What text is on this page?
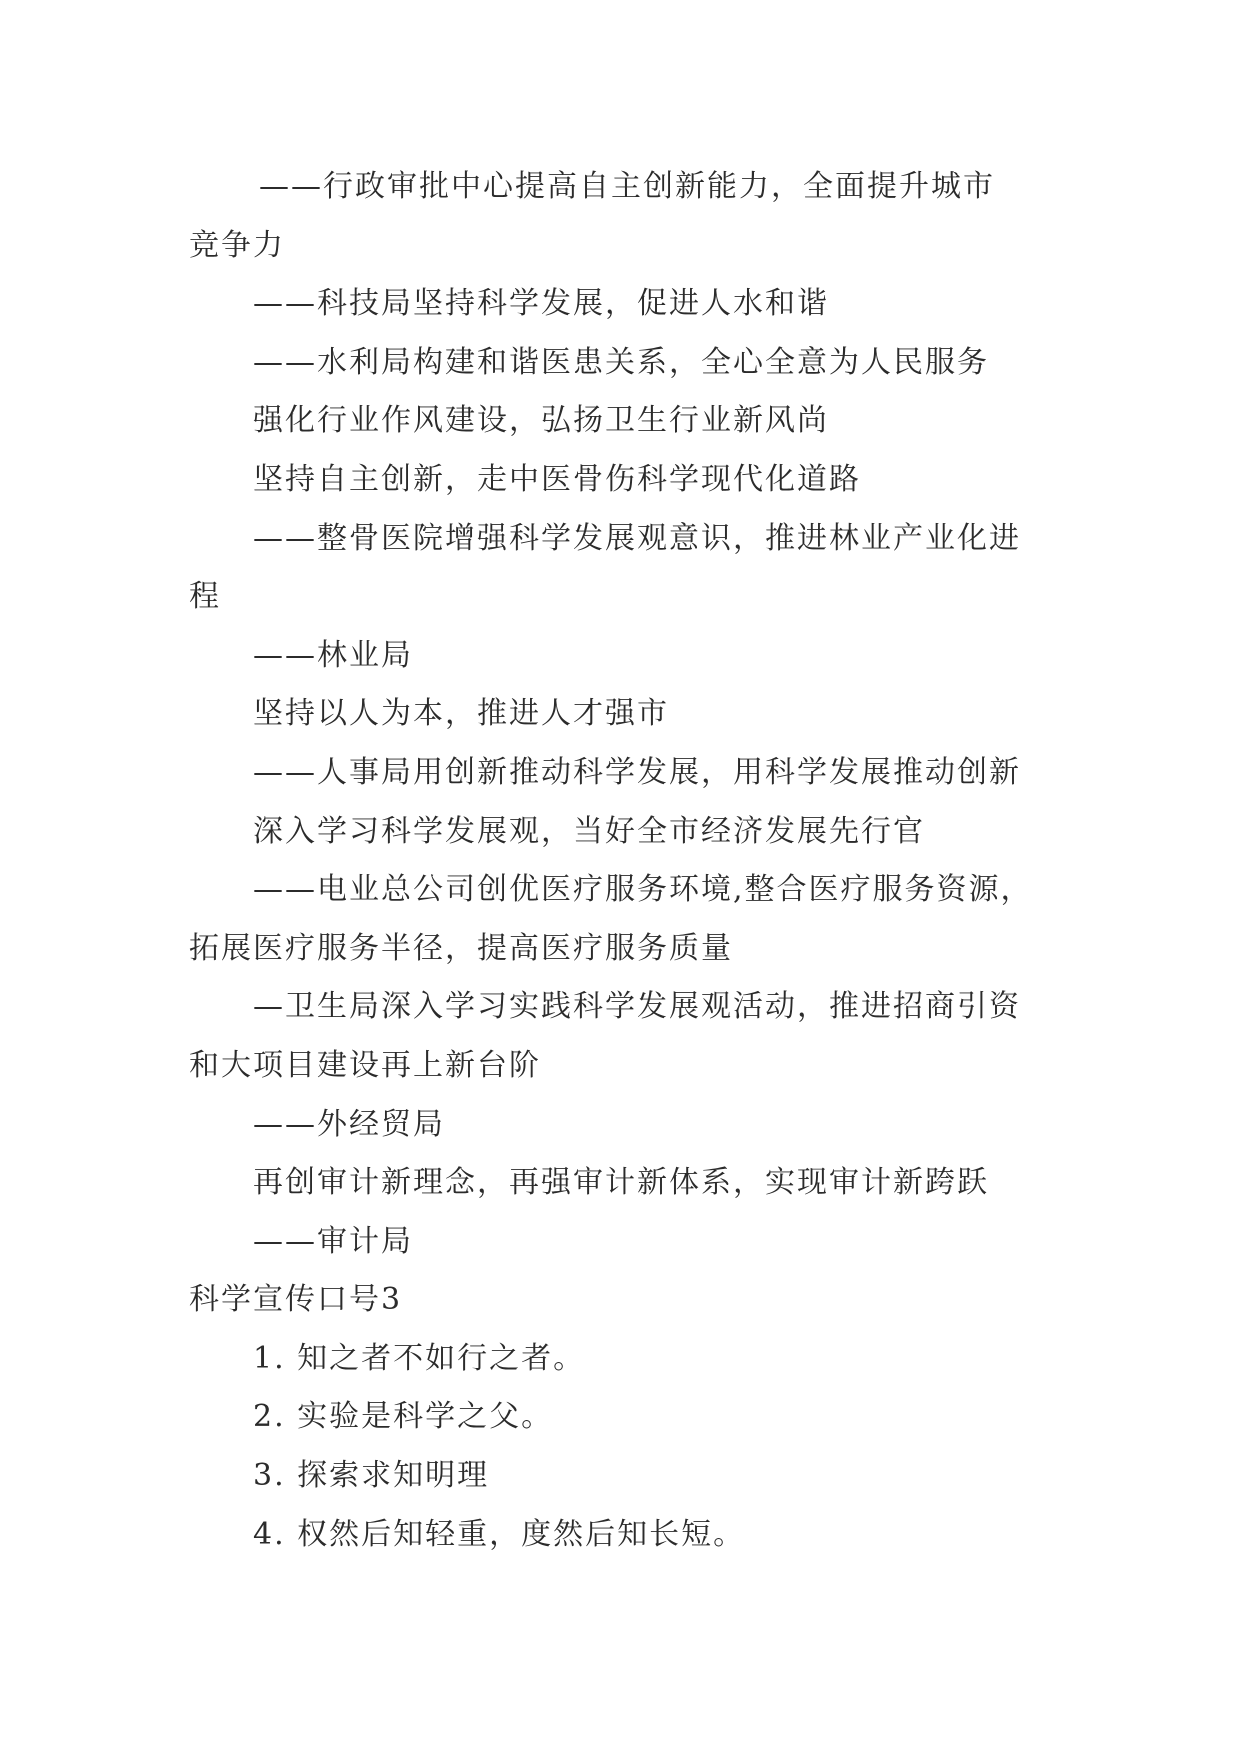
——行政审批中心提高自主创新能力，全面提升城市
竞争力
——科技局坚持科学发展，促进人水和谐
——水利局构建和谐医患关系，全心全意为人民服务
强化行业作风建设，弘扬卫生行业新风尚
坚持自主创新，走中医骨伤科学现代化道路
——整骨医院增强科学发展观意识，推进林业产业化进
程
——林业局
坚持以人为本，推进人才强市
——人事局用创新推动科学发展，用科学发展推动创新
深入学习科学发展观，当好全市经济发展先行官
——电业总公司创优医疗服务环境,整合医疗服务资源，
拓展医疗服务半径，提高医疗服务质量
—卫生局深入学习实践科学发展观活动，推进招商引资
和大项目建设再上新台阶
——外经贸局
再创审计新理念，再强审计新体系，实现审计新跨跃
——审计局
科学宣传口号3
1. 知之者不如行之者。
2. 实验是科学之父。
3. 探索求知明理
4. 权然后知轻重，度然后知长短。
